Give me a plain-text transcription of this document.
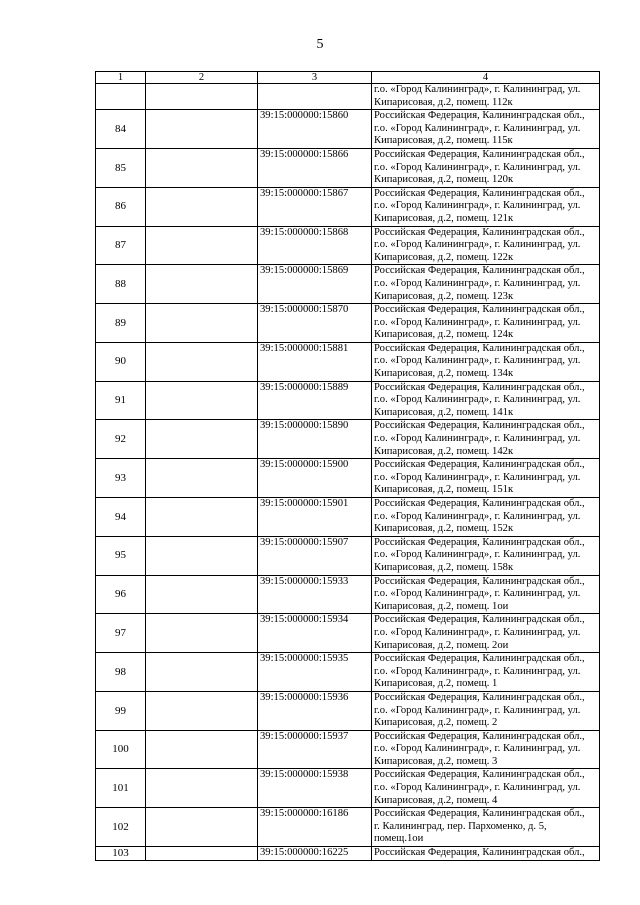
5
1	2	3	4

			г.о. «Город Калининград», г. Калининград, ул.
Кипарисовая, д.2, помещ. 112к

84		39:15:000000:15860	Российская Федерация, Калининградская обл.,
г.о. «Город Калининград», г. Калининград, ул.
Кипарисовая, д.2, помещ. 115к

85		39:15:000000:15866	Российская Федерация, Калининградская обл.,
г.о. «Город Калининград», г. Калининград, ул.
Кипарисовая, д.2, помещ. 120к

86		39:15:000000:15867	Российская Федерация, Калининградская обл.,
г.о. «Город Калининград», г. Калининград, ул.
Кипарисовая, д.2, помещ. 121к

87		39:15:000000:15868	Российская Федерация, Калининградская обл.,
г.о. «Город Калининград», г. Калининград, ул.
Кипарисовая, д.2, помещ. 122к

88		39:15:000000:15869	Российская Федерация, Калининградская обл.,
г.о. «Город Калининград», г. Калининград, ул.
Кипарисовая, д.2, помещ. 123к

89		39:15:000000:15870	Российская Федерация, Калининградская обл.,
г.о. «Город Калининград», г. Калининград, ул.
Кипарисовая, д.2, помещ. 124к

90		39:15:000000:15881	Российская Федерация, Калининградская обл.,
г.о. «Город Калининград», г. Калининград, ул.
Кипарисовая, д.2, помещ. 134к

91		39:15:000000:15889	Российская Федерация, Калининградская обл.,
г.о. «Город Калининград», г. Калининград, ул.
Кипарисовая, д.2, помещ. 141к

92		39:15:000000:15890	Российская Федерация, Калининградская обл.,
г.о. «Город Калининград», г. Калининград, ул.
Кипарисовая, д.2, помещ. 142к

93		39:15:000000:15900	Российская Федерация, Калининградская обл.,
г.о. «Город Калининград», г. Калининград, ул.
Кипарисовая, д.2, помещ. 151к

94		39:15:000000:15901	Российская Федерация, Калининградская обл.,
г.о. «Город Калининград», г. Калининград, ул.
Кипарисовая, д.2, помещ. 152к

95		39:15:000000:15907	Российская Федерация, Калининградская обл.,
г.о. «Город Калининград», г. Калининград, ул.
Кипарисовая, д.2, помещ. 158к

96		39:15:000000:15933	Российская Федерация, Калининградская обл.,
г.о. «Город Калининград», г. Калининград, ул.
Кипарисовая, д.2, помещ. 1ои

97		39:15:000000:15934	Российская Федерация, Калининградская обл.,
г.о. «Город Калининград», г. Калининград, ул.
Кипарисовая, д.2, помещ. 2ои

98		39:15:000000:15935	Российская Федерация, Калининградская обл.,
г.о. «Город Калининград», г. Калининград, ул.
Кипарисовая, д.2, помещ. 1

99		39:15:000000:15936	Российская Федерация, Калининградская обл.,
г.о. «Город Калининград», г. Калининград, ул.
Кипарисовая, д.2, помещ. 2

100		39:15:000000:15937	Российская Федерация, Калининградская обл.,
г.о. «Город Калининград», г. Калининград, ул.
Кипарисовая, д.2, помещ. 3

101		39:15:000000:15938	Российская Федерация, Калининградская обл.,
г.о. «Город Калининград», г. Калининград, ул.
Кипарисовая, д.2, помещ. 4

102		39:15:000000:16186	Российская Федерация, Калининградская обл.,
г. Калининград, пер. Пархоменко, д. 5,
помещ.1ои

103		39:15:000000:16225	Российская Федерация, Калининградская обл.,
